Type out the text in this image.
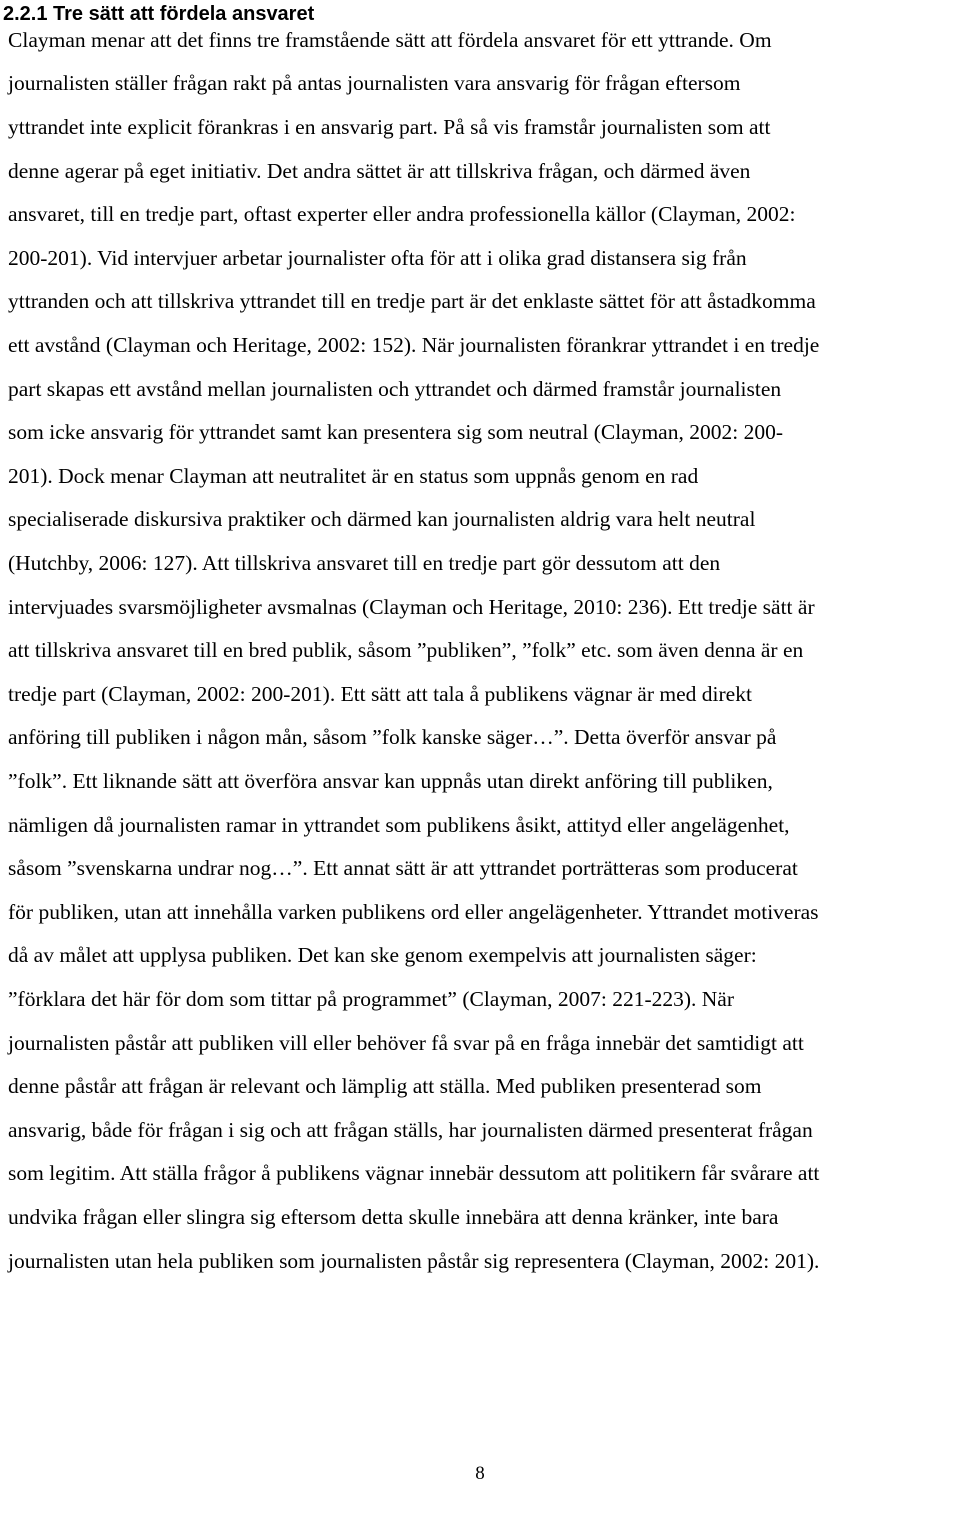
2.2.1 Tre sätt att fördela ansvaret

Clayman menar att det finns tre framstående sätt att fördela ansvaret för ett yttrande. Om

journalisten ställer frågan rakt på antas journalisten vara ansvarig för frågan eftersom

yttrandet inte explicit förankras i en ansvarig part. På så vis framstår journalisten som att

denne agerar på eget initiativ. Det andra sättet är att tillskriva frågan, och därmed även

ansvaret, till en tredje part, oftast experter eller andra professionella källor (Clayman, 2002:

200-201). Vid intervjuer arbetar journalister ofta för att i olika grad distansera sig från

yttranden och att tillskriva yttrandet till en tredje part är det enklaste sättet för att åstadkomma

ett avstånd (Clayman och Heritage, 2002: 152). När journalisten förankrar yttrandet i en tredje

part skapas ett avstånd mellan journalisten och yttrandet och därmed framstår journalisten

som icke ansvarig för yttrandet samt kan presentera sig som neutral (Clayman, 2002: 200-

201). Dock menar Clayman att neutralitet är en status som uppnås genom en rad

specialiserade diskursiva praktiker och därmed kan journalisten aldrig vara helt neutral

(Hutchby, 2006: 127). Att tillskriva ansvaret till en tredje part gör dessutom att den

intervjuades svarsmöjligheter avsmalnas (Clayman och Heritage, 2010: 236). Ett tredje sätt är

att tillskriva ansvaret till en bred publik, såsom ”publiken”, ”folk” etc. som även denna är en

tredje part (Clayman, 2002: 200-201). Ett sätt att tala å publikens vägnar är med direkt

anföring till publiken i någon mån, såsom ”folk kanske säger…”. Detta överför ansvar på

”folk”. Ett liknande sätt att överföra ansvar kan uppnås utan direkt anföring till publiken,

nämligen då journalisten ramar in yttrandet som publikens åsikt, attityd eller angelägenhet,

såsom ”svenskarna undrar nog…”. Ett annat sätt är att yttrandet porträtteras som producerat

för publiken, utan att innehålla varken publikens ord eller angelägenheter. Yttrandet motiveras

då av målet att upplysa publiken. Det kan ske genom exempelvis att journalisten säger:

”förklara det här för dom som tittar på programmet” (Clayman, 2007: 221-223). När

journalisten påstår att publiken vill eller behöver få svar på en fråga innebär det samtidigt att

denne påstår att frågan är relevant och lämplig att ställa. Med publiken presenterad som

ansvarig, både för frågan i sig och att frågan ställs, har journalisten därmed presenterat frågan

som legitim. Att ställa frågor å publikens vägnar innebär dessutom att politikern får svårare att

undvika frågan eller slingra sig eftersom detta skulle innebära att denna kränker, inte bara

journalisten utan hela publiken som journalisten påstår sig representera (Clayman, 2002: 201).

8
